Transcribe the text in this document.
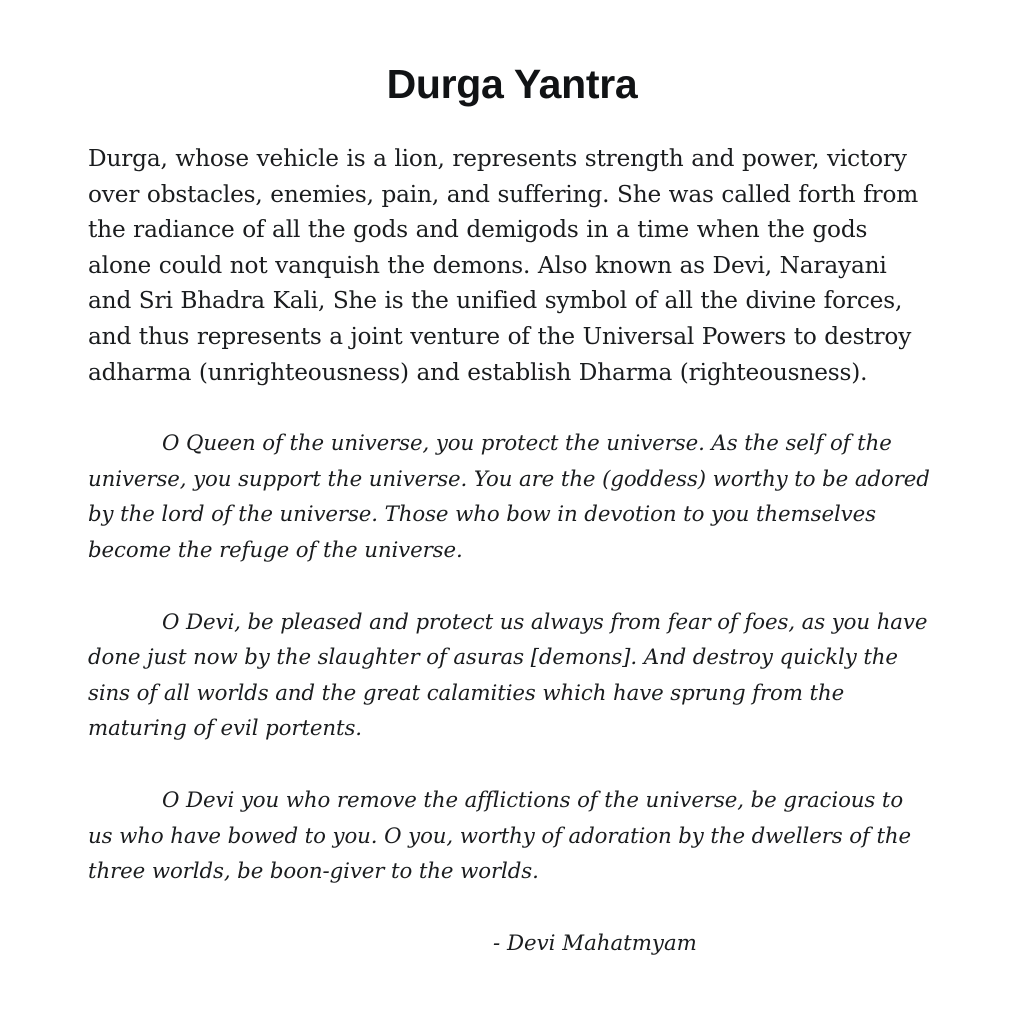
Durga Yantra

Durga, whose vehicle is a lion, represents strength and power, victory over obstacles, enemies, pain, and suffering. She was called forth from the radiance of all the gods and demigods in a time when the gods alone could not vanquish the demons. Also known as Devi, Narayani and Sri Bhadra Kali, She is the unified symbol of all the divine forces, and thus represents a joint venture of the Universal Powers to destroy adharma (unrighteousness) and establish Dharma (righteousness).

O Queen of the universe, you protect the universe. As the self of the universe, you support the universe. You are the (goddess) worthy to be adored by the lord of the universe. Those who bow in devotion to you themselves become the refuge of the universe.

O Devi, be pleased and protect us always from fear of foes, as you have done just now by the slaughter of asuras [demons]. And destroy quickly the sins of all worlds and the great calamities which have sprung from the maturing of evil portents.

O Devi you who remove the afflictions of the universe, be gracious to us who have bowed to you. O you, worthy of adoration by the dwellers of the three worlds, be boon-giver to the worlds.

- Devi Mahatmyam
